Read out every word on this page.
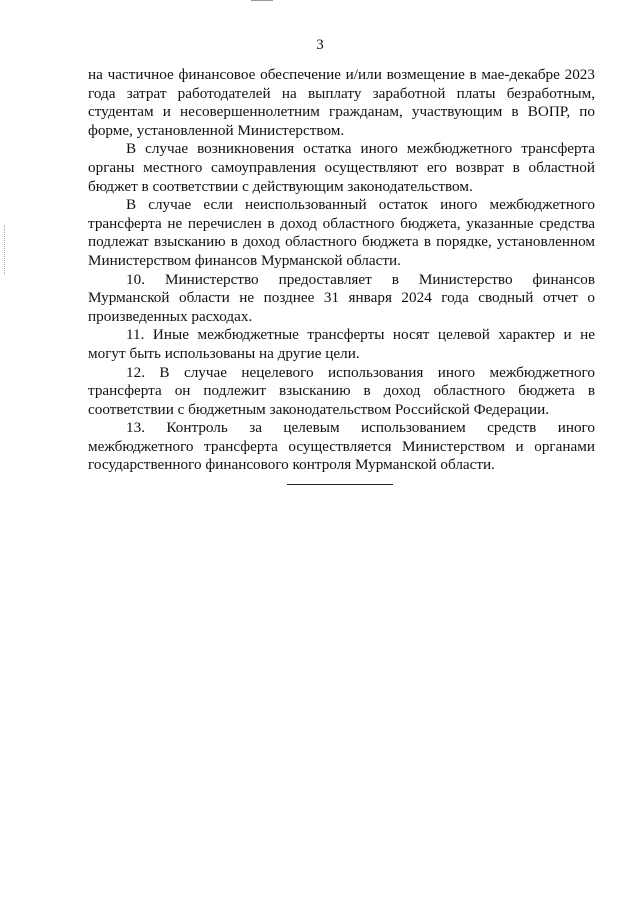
3

на частичное финансовое обеспечение и/или возмещение в мае-декабре 2023 года затрат работодателей на выплату заработной платы безработным, студентам и несовершеннолетним гражданам, участвующим в ВОПР, по форме, установленной Министерством.

В случае возникновения остатка иного межбюджетного трансферта органы местного самоуправления осуществляют его возврат в областной бюджет в соответствии с действующим законодательством.

В случае если неиспользованный остаток иного межбюджетного трансферта не перечислен в доход областного бюджета, указанные средства подлежат взысканию в доход областного бюджета в порядке, установленном Министерством финансов Мурманской области.

10. Министерство предоставляет в Министерство финансов Мурманской области не позднее 31 января 2024 года сводный отчет о произведенных расходах.

11. Иные межбюджетные трансферты носят целевой характер и не могут быть использованы на другие цели.

12. В случае нецелевого использования иного межбюджетного трансферта он подлежит взысканию в доход областного бюджета в соответствии с бюджетным законодательством Российской Федерации.

13. Контроль за целевым использованием средств иного межбюджетного трансферта осуществляется Министерством и органами государственного финансового контроля Мурманской области.
